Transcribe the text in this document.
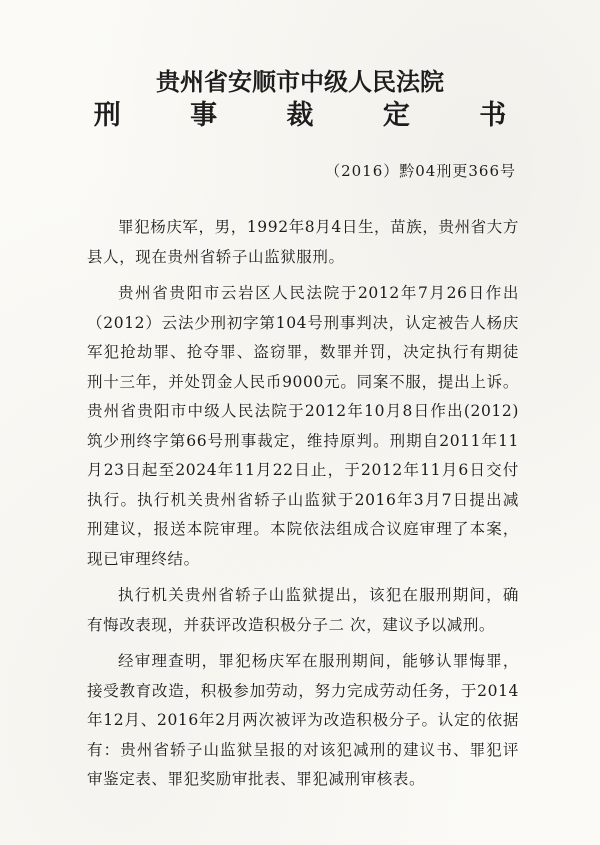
贵州省安顺市中级人民法院
刑 事 裁 定 书
（2016）黔04刑更366号

罪犯杨庆军，男，1992年8月4日生，苗族，贵州省大方县人，现在贵州省轿子山监狱服刑。

贵州省贵阳市云岩区人民法院于2012年7月26日作出（2012）云法少刑初字第104号刑事判决，认定被告人杨庆军犯抢劫罪、抢夺罪、盗窃罪，数罪并罚，决定执行有期徒刑十三年，并处罚金人民币9000元。同案不服，提出上诉。贵州省贵阳市中级人民法院于2012年10月8日作出(2012)筑少刑终字第66号刑事裁定，维持原判。刑期自2011年11月23日起至2024年11月22日止，于2012年11月6日交付执行。执行机关贵州省轿子山监狱于2016年3月7日提出减刑建议，报送本院审理。本院依法组成合议庭审理了本案，现已审理终结。

执行机关贵州省轿子山监狱提出，该犯在服刑期间，确有悔改表现，并获评改造积极分子二 次，建议予以减刑。

经审理查明，罪犯杨庆军在服刑期间，能够认罪悔罪，接受教育改造，积极参加劳动，努力完成劳动任务，于2014年12月、2016年2月两次被评为改造积极分子。认定的依据有：贵州省轿子山监狱呈报的对该犯减刑的建议书、罪犯评审鉴定表、罪犯奖励审批表、罪犯减刑审核表。
